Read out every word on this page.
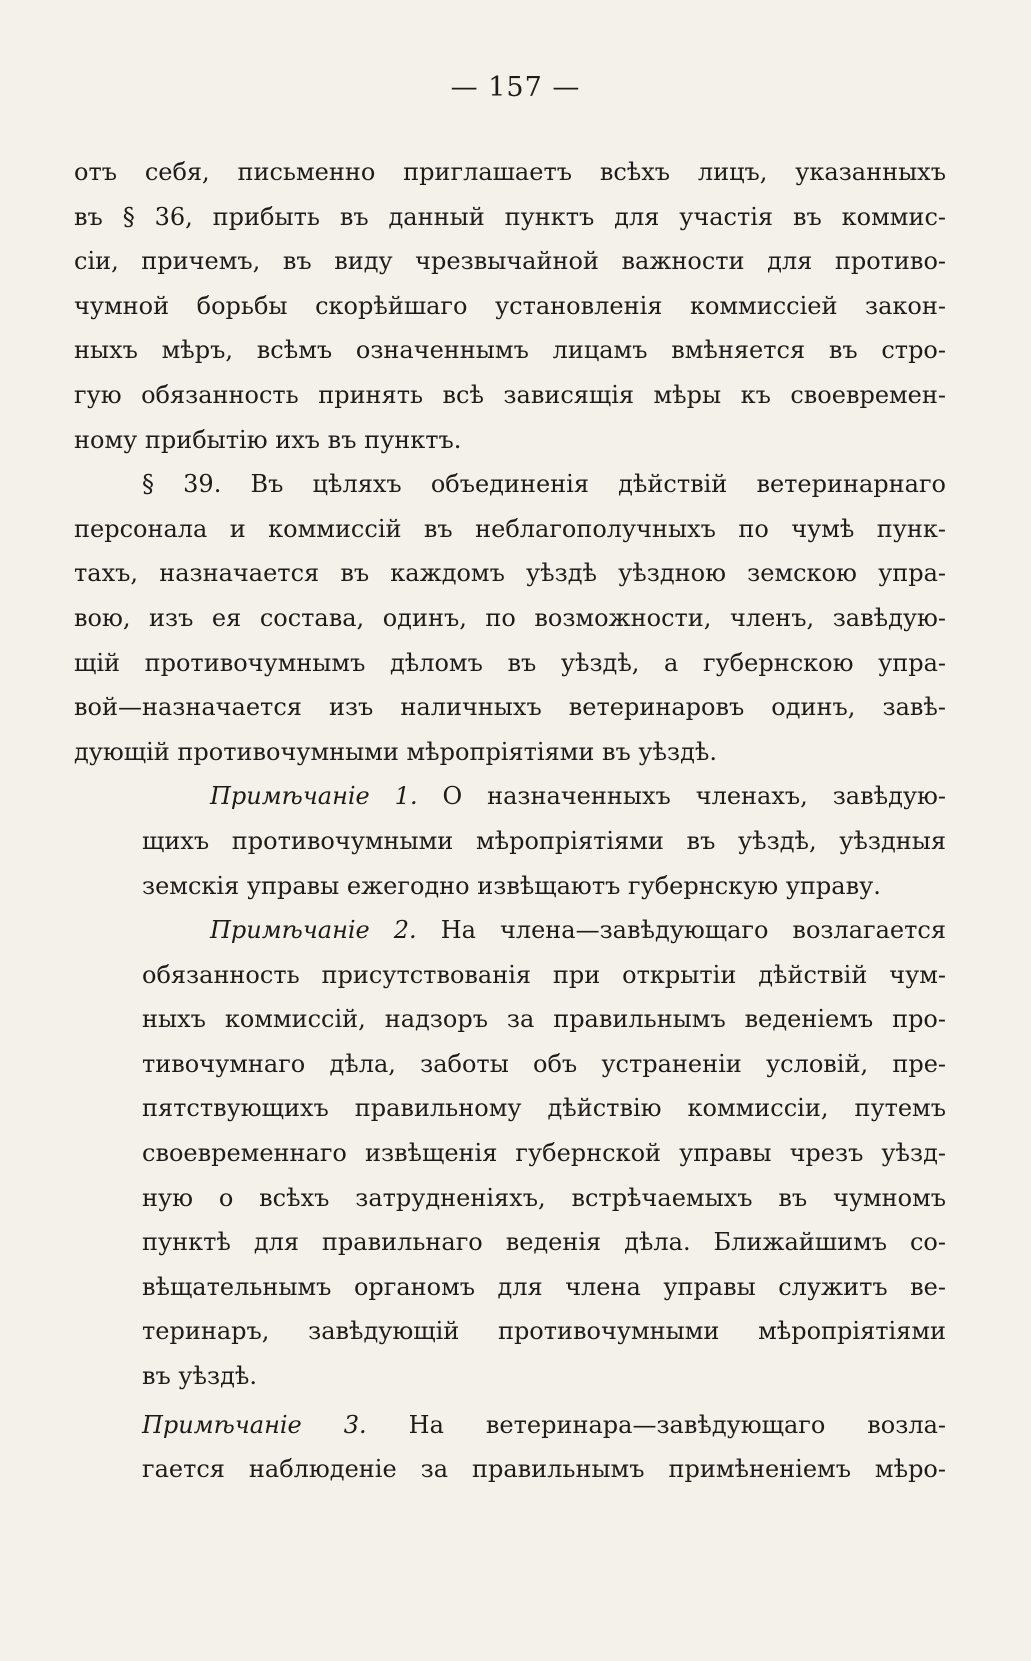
— 157 —
отъ себя, письменно приглашаетъ всѣхъ лицъ, указанныхъ
въ § 36, прибыть въ данный пунктъ для участія въ коммис-
сіи, причемъ, въ виду чрезвычайной важности для противо-
чумной борьбы скорѣйшаго установленія коммиссіей закон-
ныхъ мѣръ, всѣмъ означеннымъ лицамъ вмѣняется въ стро-
гую обязанность принять всѣ зависящія мѣры къ своевремен-
ному прибытію ихъ въ пунктъ.
§ 39. Въ цѣляхъ объединенія дѣйствій ветеринарнаго
персонала и коммиссій въ неблагополучныхъ по чумѣ пунк-
тахъ, назначается въ каждомъ уѣздѣ уѣздною земскою упра-
вою, изъ ея состава, одинъ, по возможности, членъ, завѣдую-
щій противочумнымъ дѣломъ въ уѣздѣ, а губернскою упра-
вой—назначается изъ наличныхъ ветеринаровъ одинъ, завѣ-
дующій противочумными мѣропріятіями въ уѣздѣ.
Примѣчаніе 1. О назначенныхъ членахъ, завѣдую-
щихъ противочумными мѣропріятіями въ уѣздѣ, уѣздныя
земскія управы ежегодно извѣщаютъ губернскую управу.
Примѣчаніе 2. На члена—завѣдующаго возлагается
обязанность присутствованія при открытіи дѣйствій чум-
ныхъ коммиссій, надзоръ за правильнымъ веденіемъ про-
тивочумнаго дѣла, заботы объ устраненіи условій, пре-
пятствующихъ правильному дѣйствію коммиссіи, путемъ
своевременнаго извѣщенія губернской управы чрезъ уѣзд-
ную о всѣхъ затрудненіяхъ, встрѣчаемыхъ въ чумномъ
пунктѣ для правильнаго веденія дѣла. Ближайшимъ со-
вѣщательнымъ органомъ для члена управы служитъ ве-
теринаръ, завѣдующій противочумными мѣропріятіями
въ уѣздѣ.
Примѣчаніе 3. На ветеринара—завѣдующаго возла-
гается наблюденіе за правильнымъ примѣненіемъ мѣро-
